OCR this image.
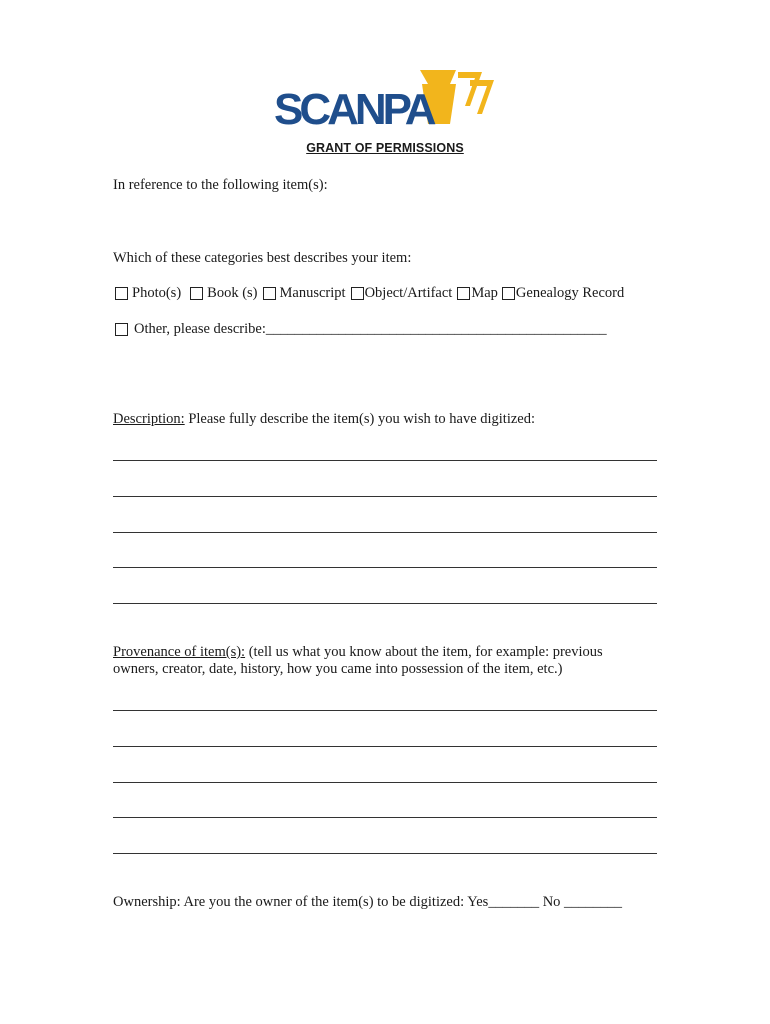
SCANPA
GRANT OF PERMISSIONS
In reference to the following item(s):
Which of these categories best describes your item:
Photo(s) Book (s) Manuscript Object/Artifact Map Genealogy Record
Other, please describe: _______________________________________________
Description: Please fully describe the item(s) you wish to have digitized:
Provenance of item(s): (tell us what you know about the item, for example: previous
owners, creator, date, history, how you came into possession of the item, etc.)
Ownership: Are you the owner of the item(s) to be digitized: Yes_______ No ________
